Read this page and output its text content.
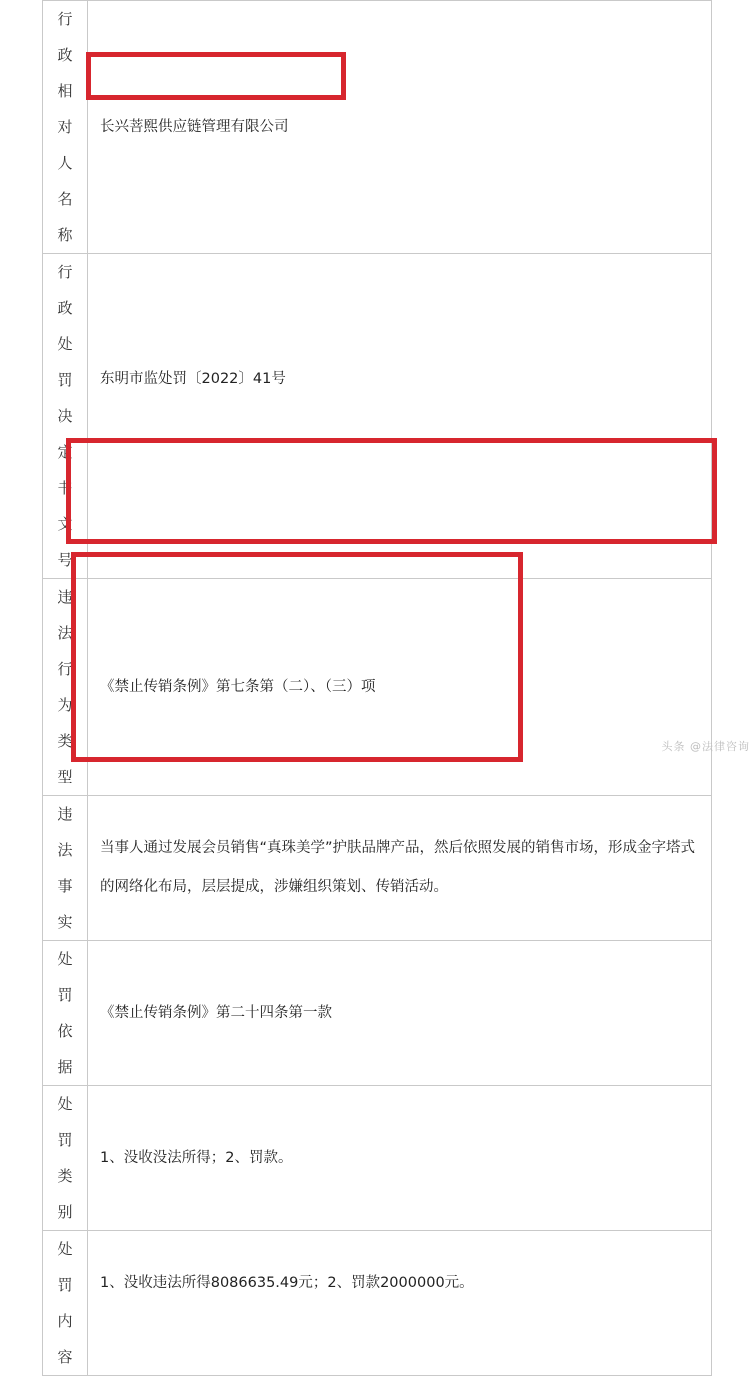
行政相对人名称	长兴菩熙供应链管理有限公司

行政处罚决定书文号	东明市监处罚〔2022〕41号

违法行为类型	《禁止传销条例》第七条第（二）、（三）项

违法事实	当事人通过发展会员销售“真珠美学”护肤品牌产品，然后依照发展的销售市场，形成金字塔式的网络化布局，层层提成，涉嫌组织策划、传销活动。

处罚依据	《禁止传销条例》第二十四条第一款

处罚类别	1、没收没法所得；2、罚款。

处罚内容	1、没收违法所得8086635.49元；2、罚款2000000元。
头条 @法律咨询
